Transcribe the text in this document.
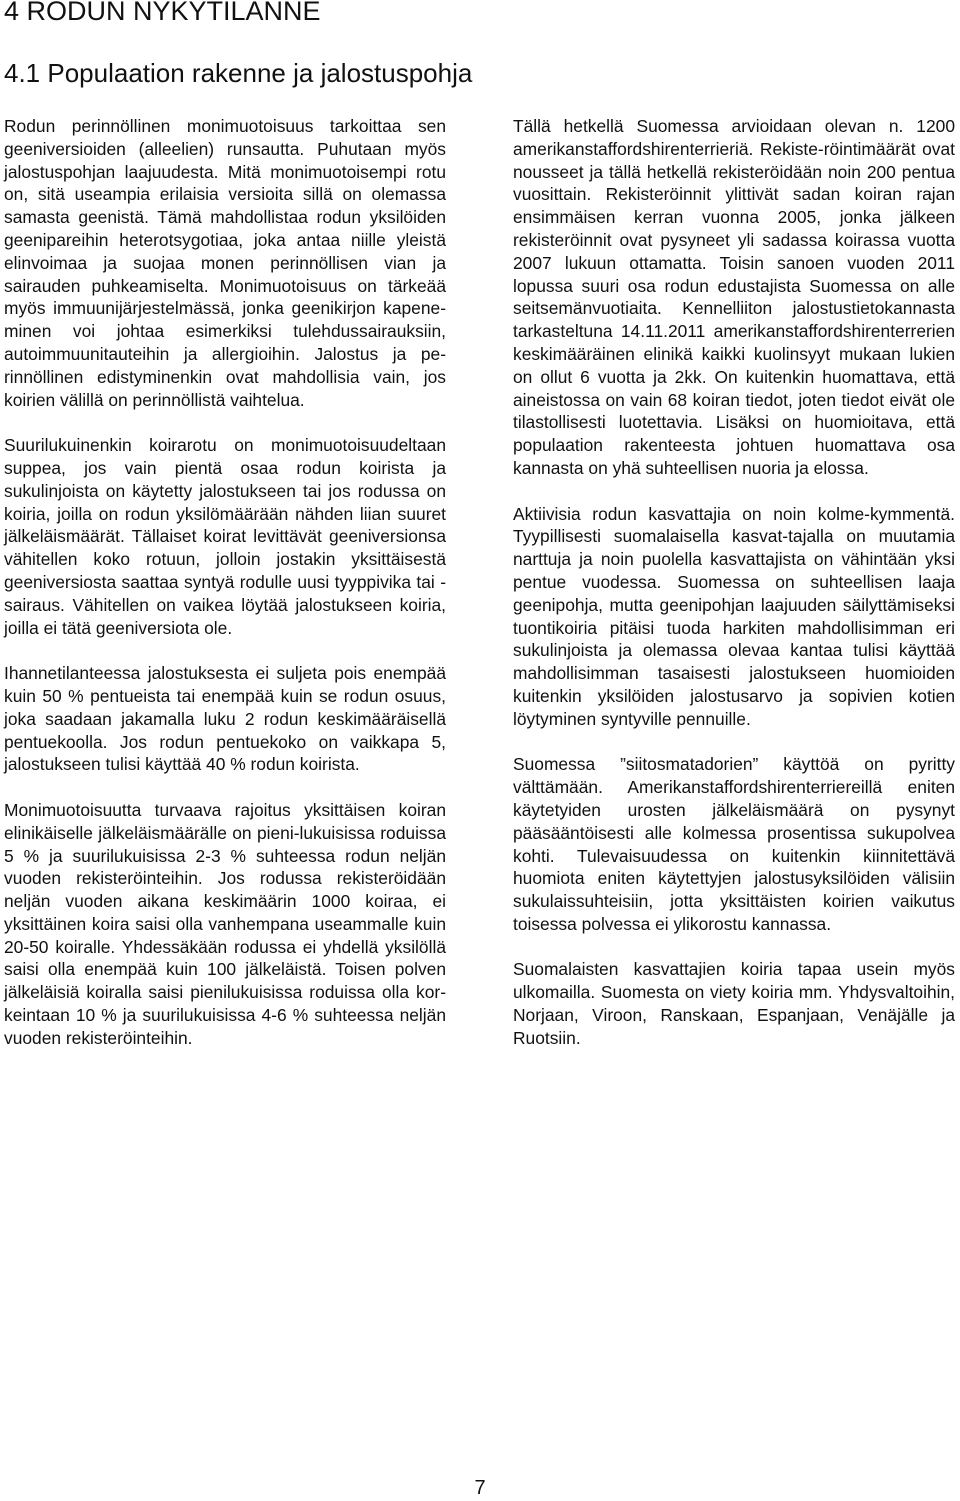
4 RODUN NYKYTILANNE
4.1 Populaation rakenne ja jalostuspohja

Rodun perinnöllinen monimuotoisuus tarkoittaa sen geeniversioiden (alleelien) runsautta. Puhutaan myös jalostuspohjan laajuudesta. Mitä monimuotoisempi rotu on, sitä useampia erilaisia versioita sillä on olemassa samasta geenistä. Tämä mahdollistaa rodun yksilöiden geenipareihin heterotsygotiaa, joka antaa niille yleistä elinvoimaa ja suojaa monen perinnöllisen vian ja sairauden puhkeamiselta. Monimuotoisuus on tärkeää myös immuunijärjestelmässä, jonka geenikirjon kapeneminen voi johtaa esimerkiksi tulehdussairauksiin, autoimmuunitauteihin ja allergioihin. Jalostus ja perinnöllinen edistyminenkin ovat mahdollisia vain, jos koirien välillä on perinnöllistä vaihtelua.

Suurilukuinenkin koirarotu on monimuotoisuudeltaan suppea, jos vain pientä osaa rodun koirista ja sukulinjoista on käytetty jalostukseen tai jos rodussa on koiria, joilla on rodun yksilömäärään nähden liian suuret jälkeläismäärät. Tällaiset koirat levittävät geeniversionsa vähitellen koko rotuun, jolloin jostakin yksittäisestä geeniversiosta saattaa syntyä rodulle uusi tyyppivika tai -sairaus. Vähitellen on vaikea löytää jalostukseen koiria, joilla ei tätä geeniversiota ole.

Ihannetilanteessa jalostuksesta ei suljeta pois enempää kuin 50 % pentueista tai enempää kuin se rodun osuus, joka saadaan jakamalla luku 2 rodun keskimääräisellä pentuekoolla. Jos rodun pentuekoko on vaikkapa 5, jalostukseen tulisi käyttää 40 % rodun koirista.

Monimuotoisuutta turvaava rajoitus yksittäisen koiran elinikäiselle jälkeläismäärälle on pieni-lukuisissa roduissa 5 % ja suurilukuisissa 2-3 % suhteessa rodun neljän vuoden rekisteröinteihin. Jos rodussa rekisteröidään neljän vuoden aikana keskimäärin 1000 koiraa, ei yksittäinen koira saisi olla vanhempana useammalle kuin 20-50 koiralle. Yhdessäkään rodussa ei yhdellä yksilöllä saisi olla enempää kuin 100 jälkeläistä. Toisen polven jälkeläisiä koiralla saisi pienilukuisissa roduissa olla korkeintaan 10 % ja suurilukuisissa 4-6 % suhteessa neljän vuoden rekisteröinteihin.

Tällä hetkellä Suomessa arvioidaan olevan n. 1200 amerikanstaffordshirenterrieriä. Rekiste-röintimäärät ovat nousseet ja tällä hetkellä rekisteröidään noin 200 pentua vuosittain. Rekisteröinnit ylittivät sadan koiran rajan ensimmäisen kerran vuonna 2005, jonka jälkeen rekisteröinnit ovat pysyneet yli sadassa koirassa vuotta 2007 lukuun ottamatta. Toisin sanoen vuoden 2011 lopussa suuri osa rodun edustajista Suomessa on alle seitsemänvuotiaita. Kennelliiton jalostustietokannasta tarkasteltuna 14.11.2011 amerikanstaffordshirenterrerien keskimääräinen elinikä kaikki kuolinsyyt mukaan lukien on ollut 6 vuotta ja 2kk. On kuitenkin huomattava, että aineistossa on vain 68 koiran tiedot, joten tiedot eivät ole tilastollisesti luotettavia. Lisäksi on huomioitava, että populaation rakenteesta johtuen huomattava osa kannasta on yhä suhteellisen nuoria ja elossa.

Aktiivisia rodun kasvattajia on noin kolme-kymmentä. Tyypillisesti suomalaisella kasvat-tajalla on muutamia narttuja ja noin puolella kasvattajista on vähintään yksi pentue vuodessa. Suomessa on suhteellisen laaja geenipohja, mutta geenipohjan laajuuden säilyttämiseksi tuontikoiria pitäisi tuoda harkiten mahdollisimman eri sukulinjoista ja olemassa olevaa kantaa tulisi käyttää mahdollisimman tasaisesti jalostukseen huomioiden kuitenkin yksilöiden jalostusarvo ja sopivien kotien löytyminen syntyville pennuille.

Suomessa ”siitosmatadorien” käyttöä on pyritty välttämään. Amerikanstaffordshirenterriereillä eniten käytetyiden urosten jälkeläismäärä on pysynyt pääsääntöisesti alle kolmessa prosentissa sukupolvea kohti. Tulevaisuudessa on kuitenkin kiinnitettävä huomiota eniten käytettyjen jalostusyksilöiden välisiin sukulaissuhteisiin, jotta yksittäisten koirien vaikutus toisessa polvessa ei ylikorostu kannassa.

Suomalaisten kasvattajien koiria tapaa usein myös ulkomailla. Suomesta on viety koiria mm. Yhdysvaltoihin, Norjaan, Viroon, Ranskaan, Espanjaan, Venäjälle ja Ruotsiin.

7
